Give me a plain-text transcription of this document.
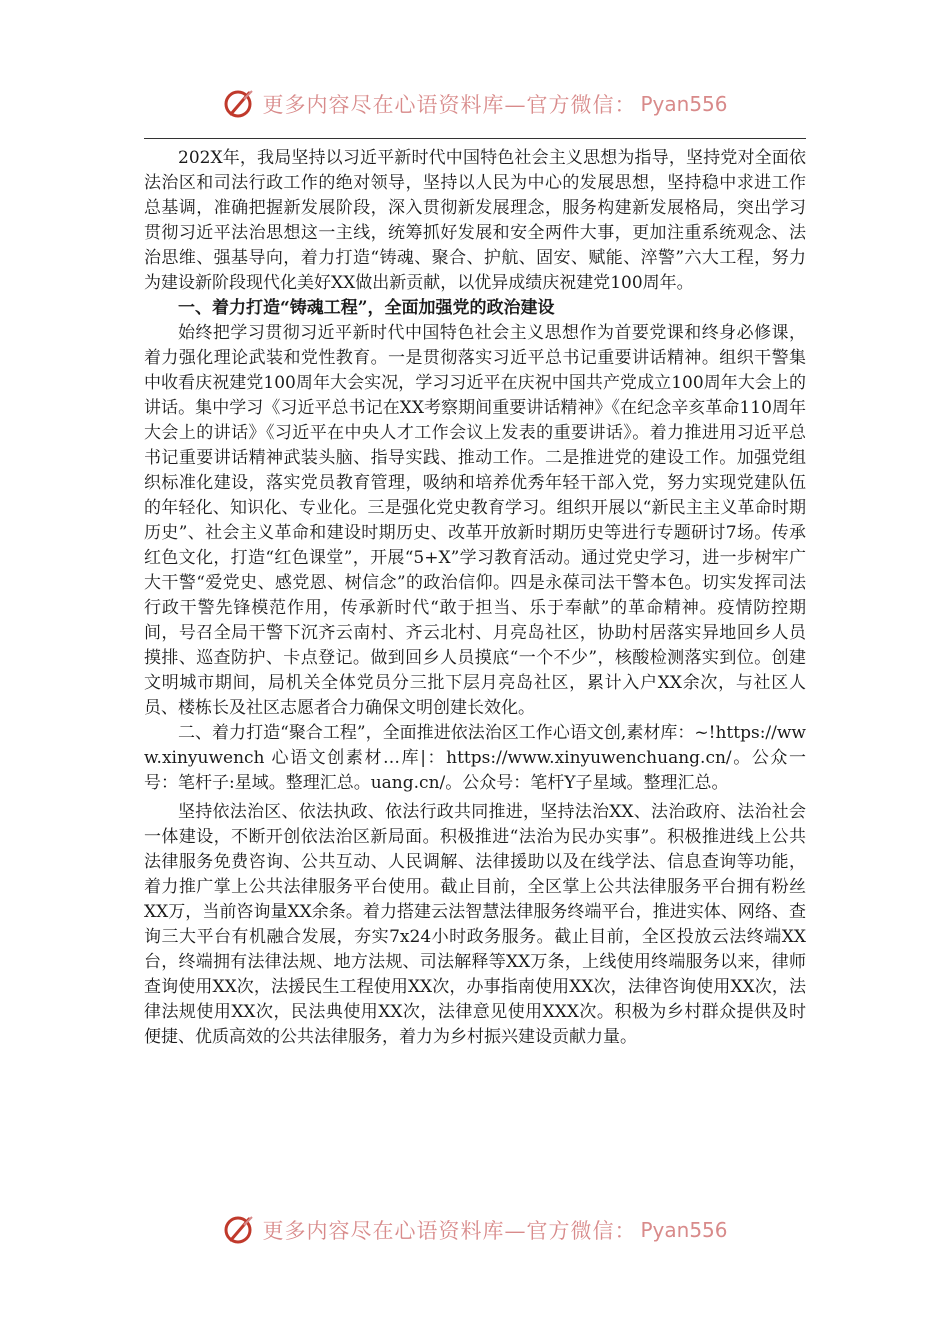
更多内容尽在心语资料库—官方微信： Pyan556

202X年，我局坚持以习近平新时代中国特色社会主义思想为指导，坚持党对全面依法治区和司法行政工作的绝对领导，坚持以人民为中心的发展思想，坚持稳中求进工作总基调，准确把握新发展阶段，深入贯彻新发展理念，服务构建新发展格局，突出学习贯彻习近平法治思想这一主线，统筹抓好发展和安全两件大事，更加注重系统观念、法治思维、强基导向，着力打造“铸魂、聚合、护航、固安、赋能、淬警”六大工程，努力为建设新阶段现代化美好XX做出新贡献，以优异成绩庆祝建党100周年。

一、着力打造“铸魂工程”，全面加强党的政治建设

始终把学习贯彻习近平新时代中国特色社会主义思想作为首要党课和终身必修课，着力强化理论武装和党性教育。一是贯彻落实习近平总书记重要讲话精神。组织干警集中收看庆祝建党100周年大会实况，学习习近平在庆祝中国共产党成立100周年大会上的讲话。集中学习《习近平总书记在XX考察期间重要讲话精神》《在纪念辛亥革命110周年大会上的讲话》《习近平在中央人才工作会议上发表的重要讲话》。着力推进用习近平总书记重要讲话精神武装头脑、指导实践、推动工作。二是推进党的建设工作。加强党组织标准化建设，落实党员教育管理，吸纳和培养优秀年轻干部入党，努力实现党建队伍的年轻化、知识化、专业化。三是强化党史教育学习。组织开展以“新民主主义革命时期历史”、社会主义革命和建设时期历史、改革开放新时期历史等进行专题研讨7场。传承红色文化，打造“红色课堂”，开展“5+X”学习教育活动。通过党史学习，进一步树牢广大干警“爱党史、感党恩、树信念”的政治信仰。四是永葆司法干警本色。切实发挥司法行政干警先锋模范作用，传承新时代“敢于担当、乐于奉献”的革命精神。疫情防控期间，号召全局干警下沉齐云南村、齐云北村、月亮岛社区，协助村居落实异地回乡人员摸排、巡查防护、卡点登记。做到回乡人员摸底“一个不少”，核酸检测落实到位。创建文明城市期间，局机关全体党员分三批下层月亮岛社区，累计入户XX余次，与社区人员、楼栋长及社区志愿者合力确保文明创建长效化。

二、着力打造“聚合工程”，全面推进依法治区工作心语文创,素材库：~!https://www.xinyuwench 心语文创素材…库|：https://www.xinyuwenchuang.cn/。公众一号：笔杆子:星域。整理汇总。uang.cn/。公众号：笔杆Y子星域。整理汇总。

坚持依法治区、依法执政、依法行政共同推进，坚持法治XX、法治政府、法治社会一体建设，不断开创依法治区新局面。积极推进“法治为民办实事”。积极推进线上公共法律服务免费咨询、公共互动、人民调解、法律援助以及在线学法、信息查询等功能，着力推广掌上公共法律服务平台使用。截止目前，全区掌上公共法律服务平台拥有粉丝XX万，当前咨询量XX余条。着力搭建云法智慧法律服务终端平台，推进实体、网络、查询三大平台有机融合发展，夯实7x24小时政务服务。截止目前，全区投放云法终端XX台，终端拥有法律法规、地方法规、司法解释等XX万条，上线使用终端服务以来，律师查询使用XX次，法援民生工程使用XX次，办事指南使用XX次，法律咨询使用XX次，法律法规使用XX次，民法典使用XX次，法律意见使用XXX次。积极为乡村群众提供及时便捷、优质高效的公共法律服务，着力为乡村振兴建设贡献力量。

更多内容尽在心语资料库—官方微信： Pyan556
